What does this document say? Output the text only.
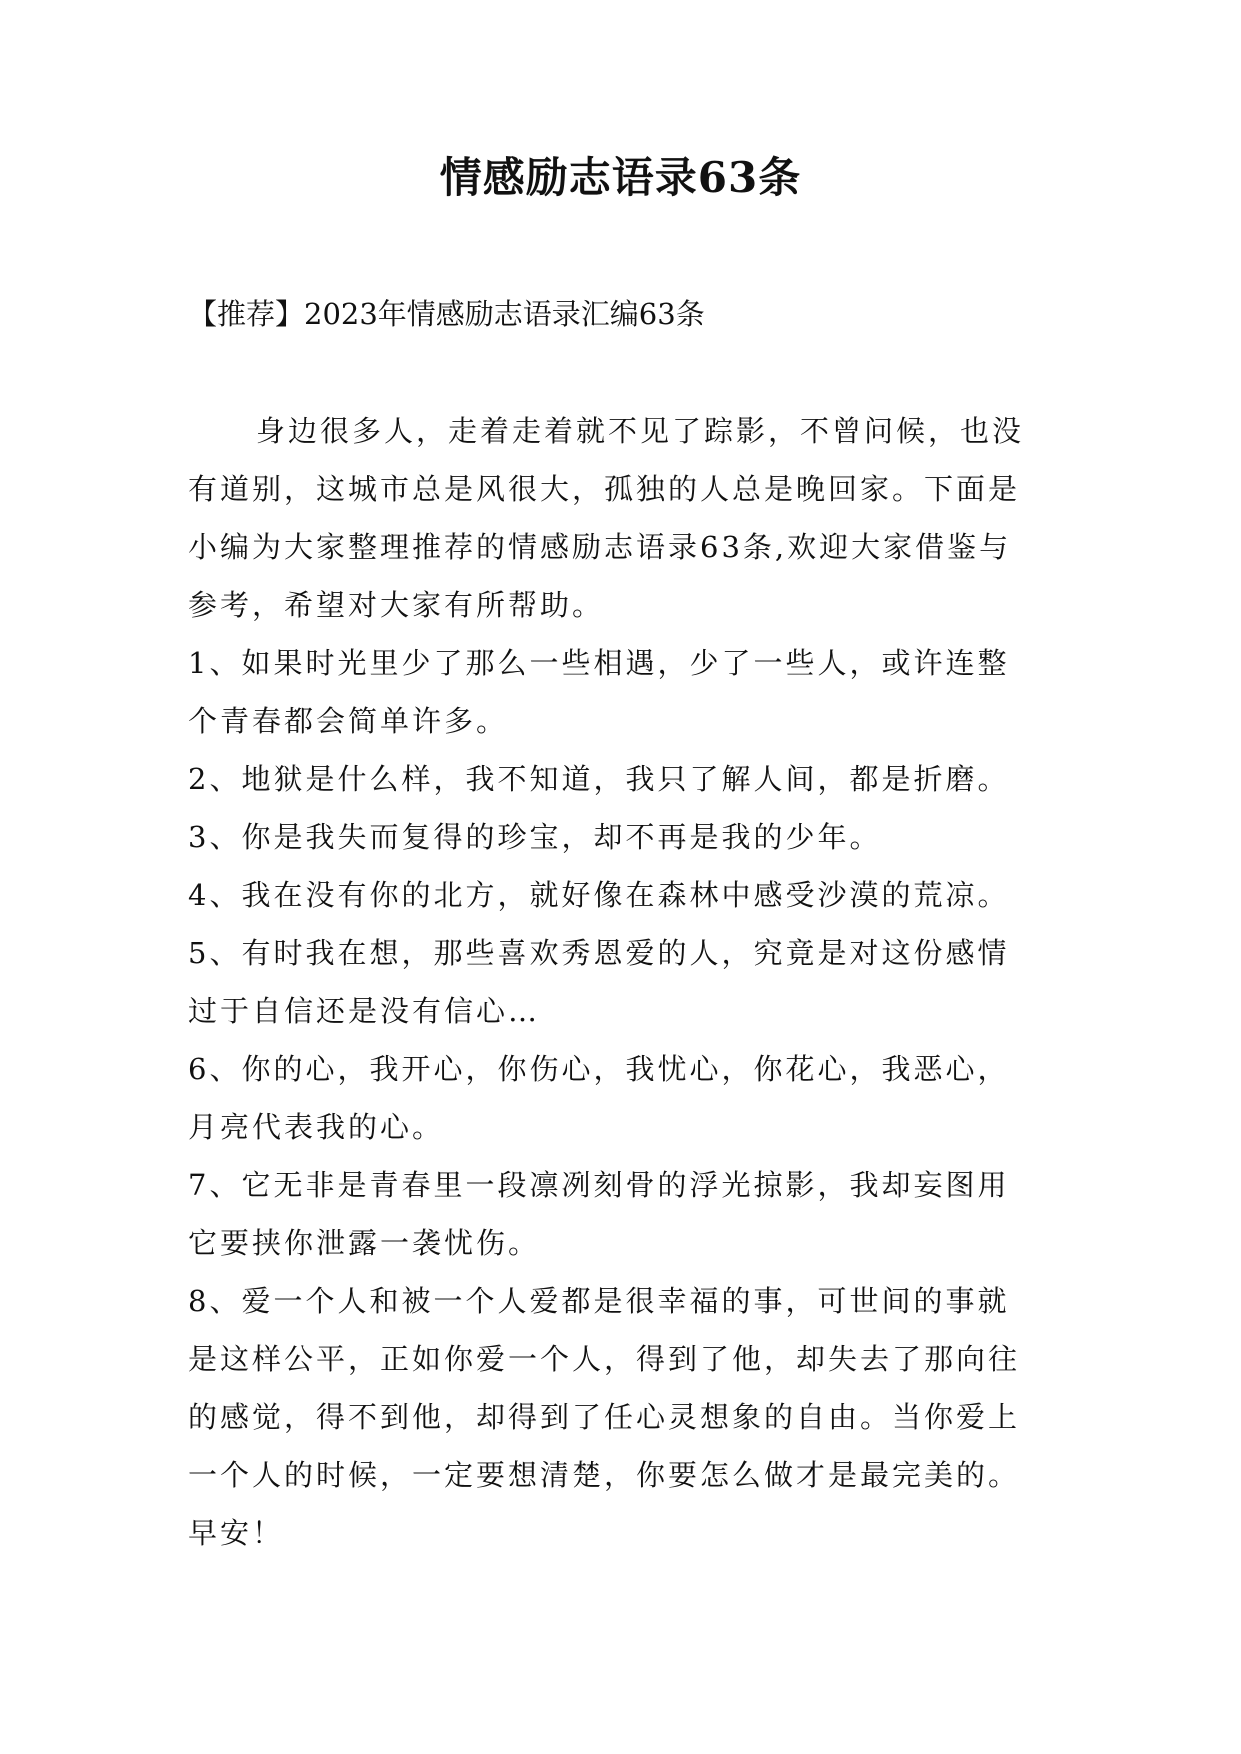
情感励志语录63条
【推荐】2023年情感励志语录汇编63条
身边很多人，走着走着就不见了踪影，不曾问候，也没
有道别，这城市总是风很大，孤独的人总是晚回家。下面是
小编为大家整理推荐的情感励志语录63条,欢迎大家借鉴与
参考，希望对大家有所帮助。
1、如果时光里少了那么一些相遇，少了一些人，或许连整
个青春都会简单许多。
2、地狱是什么样，我不知道，我只了解人间，都是折磨。
3、你是我失而复得的珍宝，却不再是我的少年。
4、我在没有你的北方，就好像在森林中感受沙漠的荒凉。
5、有时我在想，那些喜欢秀恩爱的人，究竟是对这份感情
过于自信还是没有信心…
6、你的心，我开心，你伤心，我忧心，你花心，我恶心，
月亮代表我的心。
7、它无非是青春里一段凛冽刻骨的浮光掠影，我却妄图用
它要挟你泄露一袭忧伤。
8、爱一个人和被一个人爱都是很幸福的事，可世间的事就
是这样公平，正如你爱一个人，得到了他，却失去了那向往
的感觉，得不到他，却得到了任心灵想象的自由。当你爱上
一个人的时候，一定要想清楚，你要怎么做才是最完美的。
早安！
